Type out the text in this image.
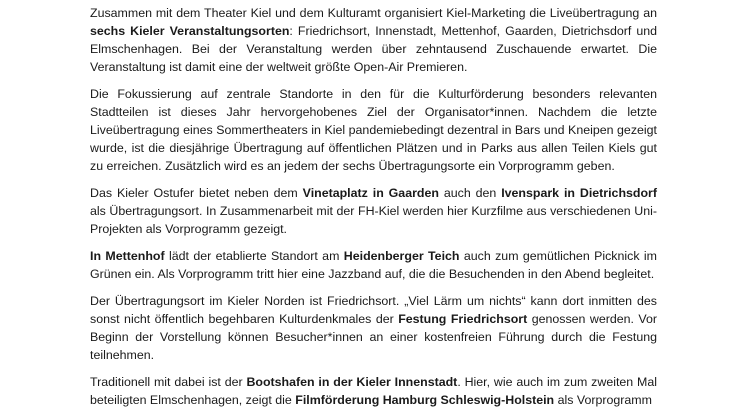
Zusammen mit dem Theater Kiel und dem Kulturamt organisiert Kiel-Marketing die Liveübertragung an sechs Kieler Veranstaltungsorten: Friedrichsort, Innenstadt, Mettenhof, Gaarden, Dietrichsdorf und Elmschenhagen. Bei der Veranstaltung werden über zehntausend Zuschauende erwartet. Die Veranstaltung ist damit eine der weltweit größte Open-Air Premieren.

Die Fokussierung auf zentrale Standorte in den für die Kulturförderung besonders relevanten Stadtteilen ist dieses Jahr hervorgehobenes Ziel der Organisator*innen. Nachdem die letzte Liveübertragung eines Sommertheaters in Kiel pandemiebedingt dezentral in Bars und Kneipen gezeigt wurde, ist die diesjährige Übertragung auf öffentlichen Plätzen und in Parks aus allen Teilen Kiels gut zu erreichen. Zusätzlich wird es an jedem der sechs Übertragungsorte ein Vorprogramm geben.

Das Kieler Ostufer bietet neben dem Vinetaplatz in Gaarden auch den Ivenspark in Dietrichsdorf als Übertragungsort. In Zusammenarbeit mit der FH-Kiel werden hier Kurzfilme aus verschiedenen Uni-Projekten als Vorprogramm gezeigt.

In Mettenhof lädt der etablierte Standort am Heidenberger Teich auch zum gemütlichen Picknick im Grünen ein. Als Vorprogramm tritt hier eine Jazzband auf, die die Besuchenden in den Abend begleitet.

Der Übertragungsort im Kieler Norden ist Friedrichsort. „Viel Lärm um nichts“ kann dort inmitten des sonst nicht öffentlich begehbaren Kulturdenkmales der Festung Friedrichsort genossen werden. Vor Beginn der Vorstellung können Besucher*innen an einer kostenfreien Führung durch die Festung teilnehmen.

Traditionell mit dabei ist der Bootshafen in der Kieler Innenstadt. Hier, wie auch im zum zweiten Mal beteiligten Elmschenhagen, zeigt die Filmförderung Hamburg Schleswig-Holstein als Vorprogramm
